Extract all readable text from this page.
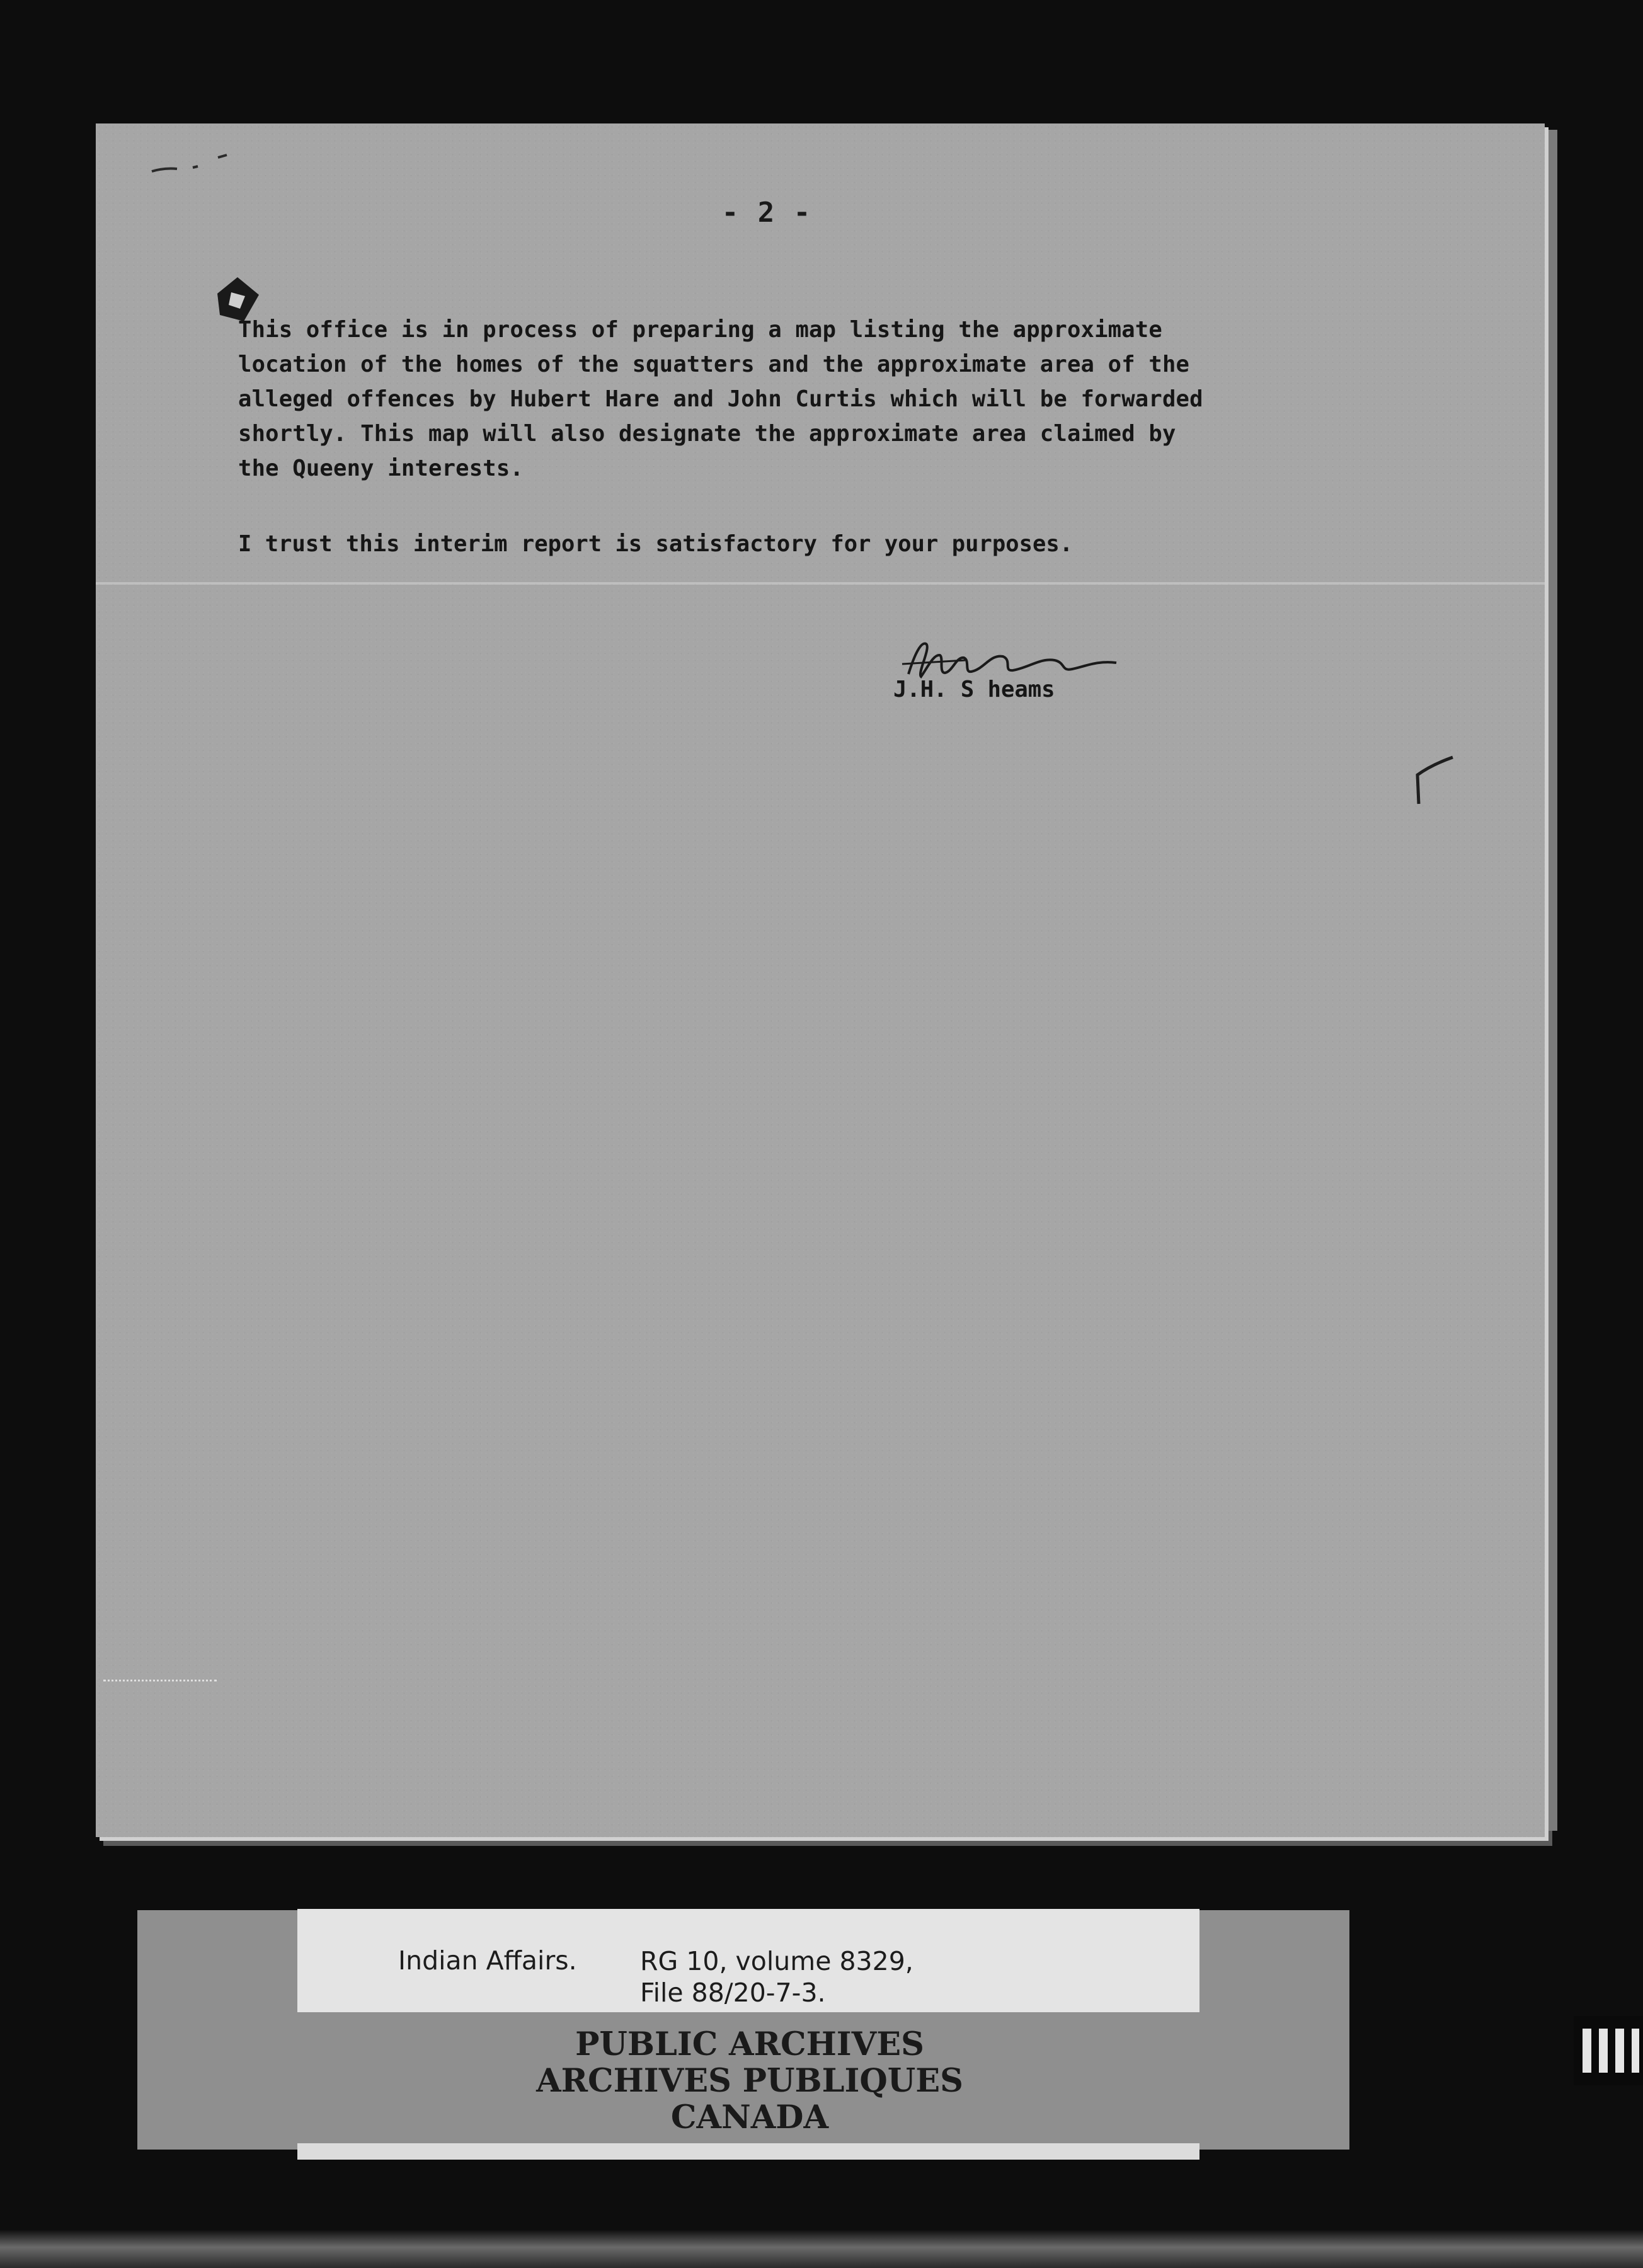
- 2 -
This office is in process of preparing a map listing the approximate
location of the homes of the squatters and the approximate area of the
alleged offences by Hubert Hare and John Curtis which will be forwarded
shortly. This map will also designate the approximate area claimed by
the Queeny interests.
I trust this interim report is satisfactory for your purposes.
J.H. S heams
Indian Affairs. RG 10, volume 8329,
File 88/20-7-3.
PUBLIC ARCHIVES
ARCHIVES PUBLIQUES
CANADA
